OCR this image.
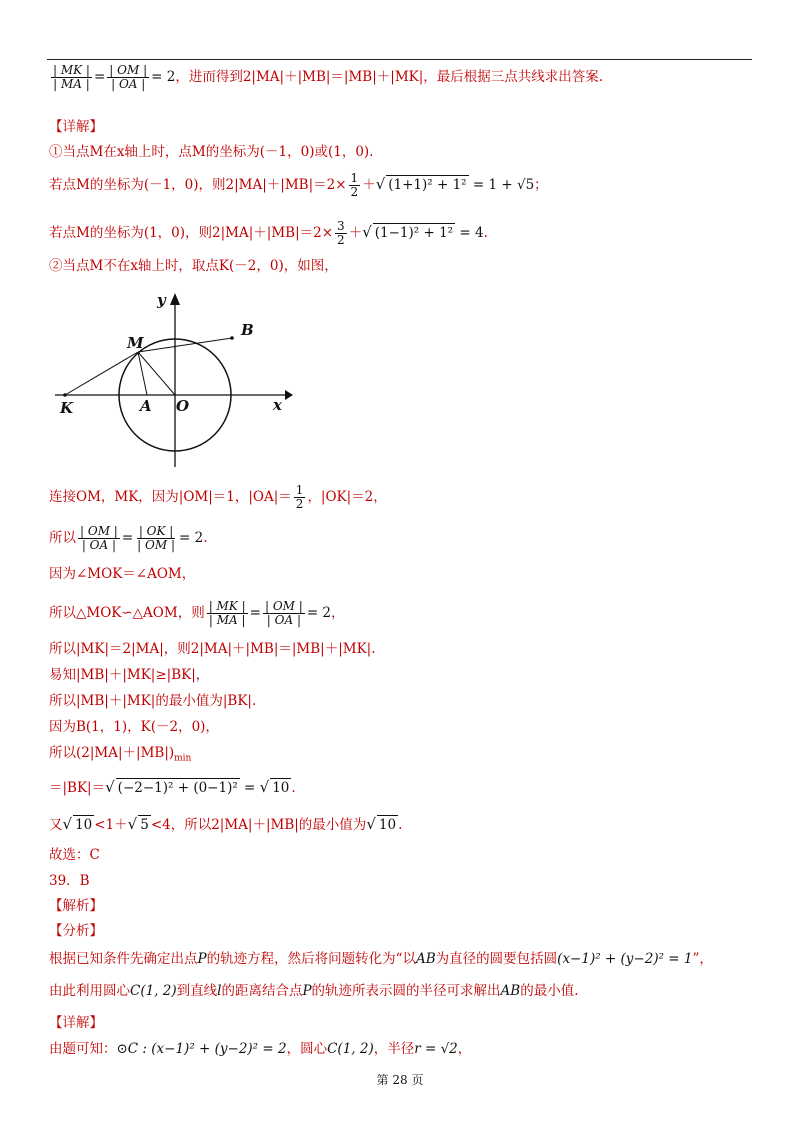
$\frac{| MK |}{| MA |} = \frac{| OM |}{| OA |} = 2$，进而得到2|MA|＋|MB|＝|MB|＋|MK|，最后根据三点共线求出答案.
【详解】
①当点M在x轴上时，点M的坐标为(－1，0)或(1，0).
若点M的坐标为(－1，0)，则$2|MA|+|MB|=2\times \frac{1}{2}$ ＋√ (1+1)² + 1² = 1 + √5；
若点M的坐标为(1，0)，则$2|MA|+|MB|=2\times \frac{3}{2}$ ＋√ (1−1)² + 1² = 4.
②当点M不在x轴上时，取点K(－2，0)，如图，
y
x
B
M
K	A O
连接OM，MK，因为|OM|＝1，$|OA|= \frac{1}{2}$ ，|OK|＝2，
所以 $\frac{| OM |}{| OA |} = \frac{| OK |}{| OM |} = 2$.
因为∠MOK＝∠AOM，
所以△MOK∽△AOM，则 $\frac{| MK |}{| MA |} = \frac{| OM |}{| OA |} = 2$，
所以|MK|＝2|MA|，则2|MA|＋|MB|＝|MB|＋|MK|.
易知|MB|＋|MK|≥|BK|，
所以|MB|＋|MK|的最小值为|BK|.
因为B(1，1)，K(－2，0)，
所以$(2|MA|+|MB|)_{min}$
＝|BK|＝√ (−2−1)² + (0−1)² = √ 10 .
又√ 10 <1＋√ 5 <4，所以2|MA|＋|MB|的最小值为√ 10 .
故选：C
39．B
【解析】
【分析】
根据已知条件先确定出点P的轨迹方程，然后将问题转化为“以AB为直径的圆要包括圆(x−1)² + (y−2)² = 1”，
由此利用圆心C(1, 2)到直线l的距离结合点P的轨迹所表示圆的半径可求解出AB的最小值.
【详解】
由题可知：⊙C : (x−1)² + (y−2)² = 2，圆心C(1, 2)，半径r = √2，
第 28 页
